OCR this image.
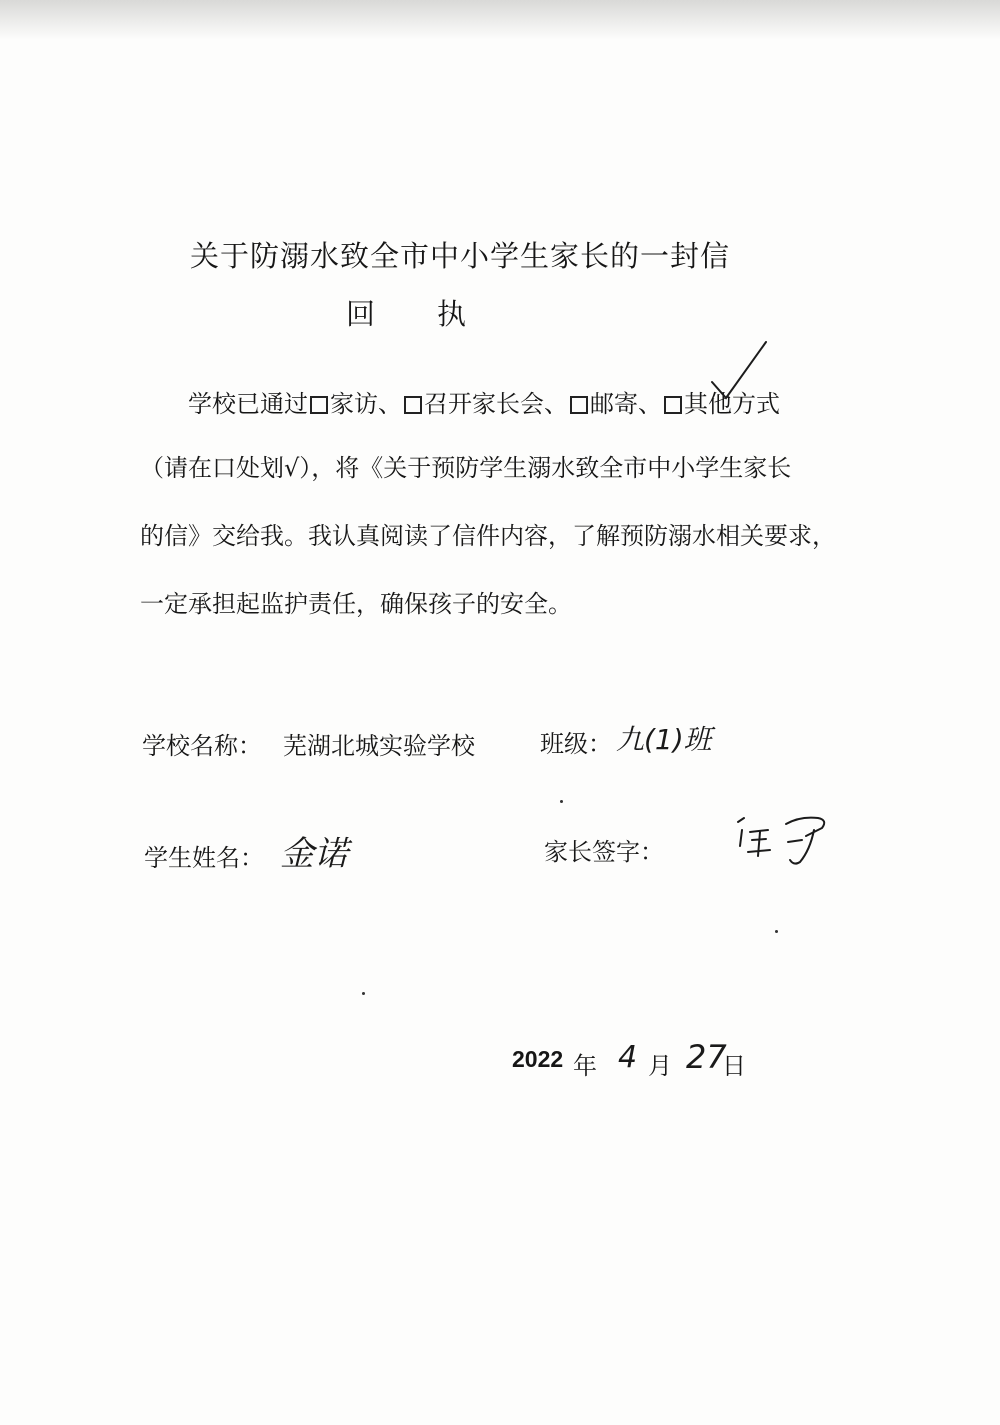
关于防溺水致全市中小学生家长的一封信
回执
学校已通过 家访、 召开家长会、 邮寄、 其他方式
（请在口处划√），将《关于预防学生溺水致全市中小学生家长
的信》交给我。我认真阅读了信件内容，了解预防溺水相关要求，
一定承担起监护责任，确保孩子的安全。
学校名称： 芜湖北城实验学校	班级： 九(1)班
学生姓名： 金诺	家长签字：
2022 年 4 月 27
日
